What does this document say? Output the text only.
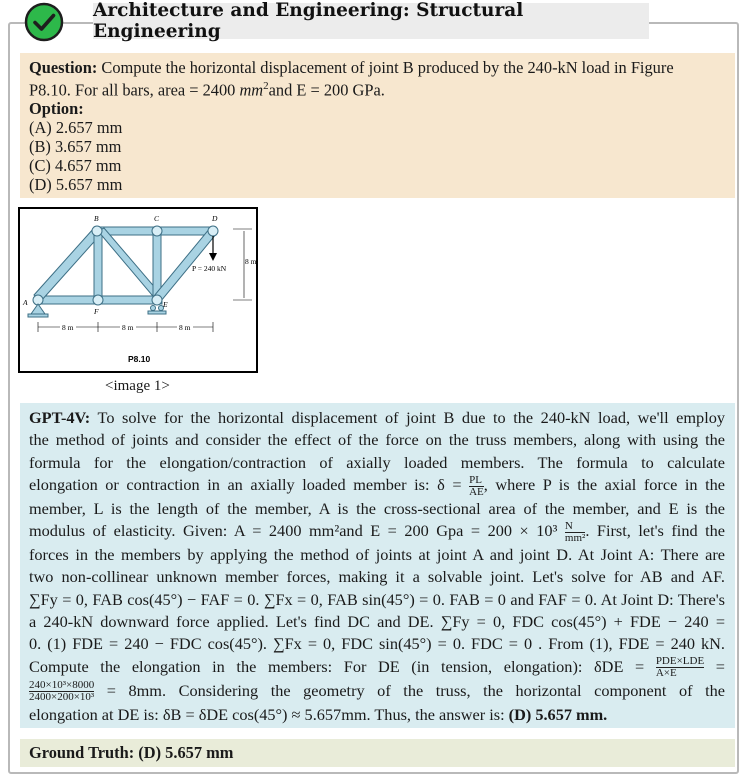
Architecture and Engineering: Structural Engineering
Question: Compute the horizontal displacement of joint B produced by the 240-kN load in Figure
P8.10. For all bars, area = 2400 $mm^2and$ E = 200 GPa.
Option:
(A) 2.657 mm
(B) 3.657 mm
(C) 4.657 mm
(D) 5.657 mm
P = 240 kN
8 m
8 m	8 m	8 m
A
B	C	D
E
F
P8.10
<image 1>
GPT-4V: To solve for the horizontal displacement of joint B due to the 240-kN load, we'll employ
the method of joints and consider the effect of the force on the truss members, along with using the
formula for the elongation/contraction of axially loaded members. The formula to calculate
elongation or contraction in an axially loaded member is: $\delta = \frac{PL}{AE}$ , where P is the axial force in the
member, L is the length of the member, A is the cross-sectional area of the member, and E is the
modulus of elasticity. Given: A = 2400 mm²and E = 200 Gpa = $200 \times 10^3 \frac{N}{\text{mm²}}$ . First, let's find the
forces in the members by applying the method of joints at joint A and joint D. At Joint A: There are
two non-collinear unknown member forces, making it a solvable joint. Let's solve for AB and AF.
∑Fy = 0, FAB cos(45°) − FAF = 0. ∑Fx = 0, FAB sin(45°) = 0. FAB = 0 and FAF = 0. At Joint D: There's
a 240-kN downward force applied. Let's find DC and DE. ∑Fy = 0, FDC cos(45°) + FDE − 240 =
0. (1) FDE = 240 − FDC cos(45°). ∑Fx = 0, FDC sin(45°) = 0. FDC = 0 . From (1), FDE = 240 kN.
Compute the elongation in the members: For DE (in tension, elongation): $\delta DE = \frac{\text{PDE×LDE}}{A\times E}$ =
$\frac{\text{240×10³×8000}}{\text{2400×200×10³}} = 8mm$. Considering the geometry of the truss, the horizontal component of the
elongation at DE is: δB = δDE cos(45°) ≈ 5.657mm. Thus, the answer is: (D) 5.657 mm.
Ground Truth: (D) 5.657 mm
